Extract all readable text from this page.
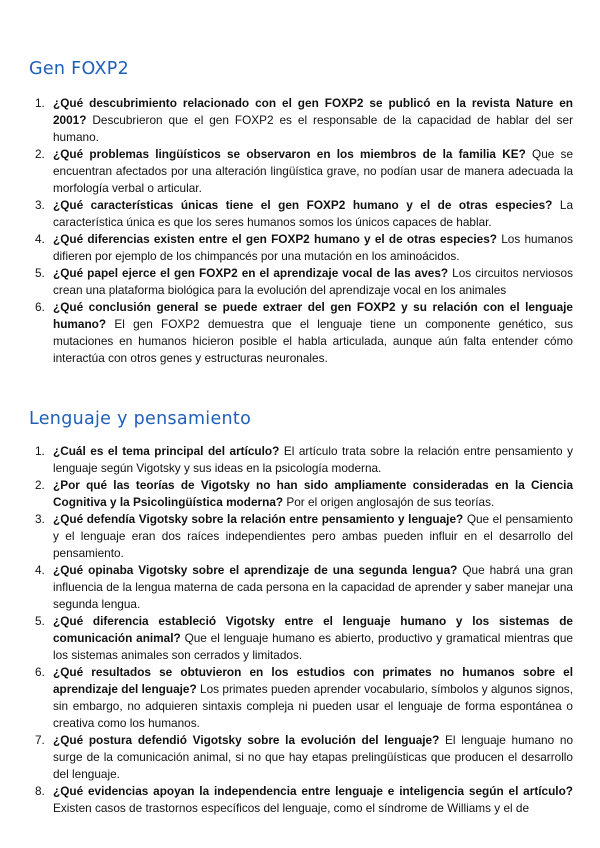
Gen FOXP2
1. ¿Qué descubrimiento relacionado con el gen FOXP2 se publicó en la revista Nature en 2001? Descubrieron que el gen FOXP2 es el responsable de la capacidad de hablar del ser humano.
2. ¿Qué problemas lingüísticos se observaron en los miembros de la familia KE? Que se encuentran afectados por una alteración lingüística grave, no podían usar de manera adecuada la morfología verbal o articular.
3. ¿Qué características únicas tiene el gen FOXP2 humano y el de otras especies? La característica única es que los seres humanos somos los únicos capaces de hablar.
4. ¿Qué diferencias existen entre el gen FOXP2 humano y el de otras especies? Los humanos difieren por ejemplo de los chimpancés por una mutación en los aminoácidos.
5. ¿Qué papel ejerce el gen FOXP2 en el aprendizaje vocal de las aves? Los circuitos nerviosos crean una plataforma biológica para la evolución del aprendizaje vocal en los animales
6. ¿Qué conclusión general se puede extraer del gen FOXP2 y su relación con el lenguaje humano? El gen FOXP2 demuestra que el lenguaje tiene un componente genético, sus mutaciones en humanos hicieron posible el habla articulada, aunque aún falta entender cómo interactúa con otros genes y estructuras neuronales.
Lenguaje y pensamiento
1. ¿Cuál es el tema principal del artículo? El artículo trata sobre la relación entre pensamiento y lenguaje según Vigotsky y sus ideas en la psicología moderna.
2. ¿Por qué las teorías de Vigotsky no han sido ampliamente consideradas en la Ciencia Cognitiva y la Psicolingüística moderna? Por el origen anglosajón de sus teorías.
3. ¿Qué defendía Vigotsky sobre la relación entre pensamiento y lenguaje? Que el pensamiento y el lenguaje eran dos raíces independientes pero ambas pueden influir en el desarrollo del pensamiento.
4. ¿Qué opinaba Vigotsky sobre el aprendizaje de una segunda lengua? Que habrá una gran influencia de la lengua materna de cada persona en la capacidad de aprender y saber manejar una segunda lengua.
5. ¿Qué diferencia estableció Vigotsky entre el lenguaje humano y los sistemas de comunicación animal? Que el lenguaje humano es abierto, productivo y gramatical mientras que los sistemas animales son cerrados y limitados.
6. ¿Qué resultados se obtuvieron en los estudios con primates no humanos sobre el aprendizaje del lenguaje? Los primates pueden aprender vocabulario, símbolos y algunos signos, sin embargo, no adquieren sintaxis compleja ni pueden usar el lenguaje de forma espontánea o creativa como los humanos.
7. ¿Qué postura defendió Vigotsky sobre la evolución del lenguaje? El lenguaje humano no surge de la comunicación animal, si no que hay etapas prelingüísticas que producen el desarrollo del lenguaje.
8. ¿Qué evidencias apoyan la independencia entre lenguaje e inteligencia según el artículo? Existen casos de trastornos específicos del lenguaje, como el síndrome de Williams y el de
